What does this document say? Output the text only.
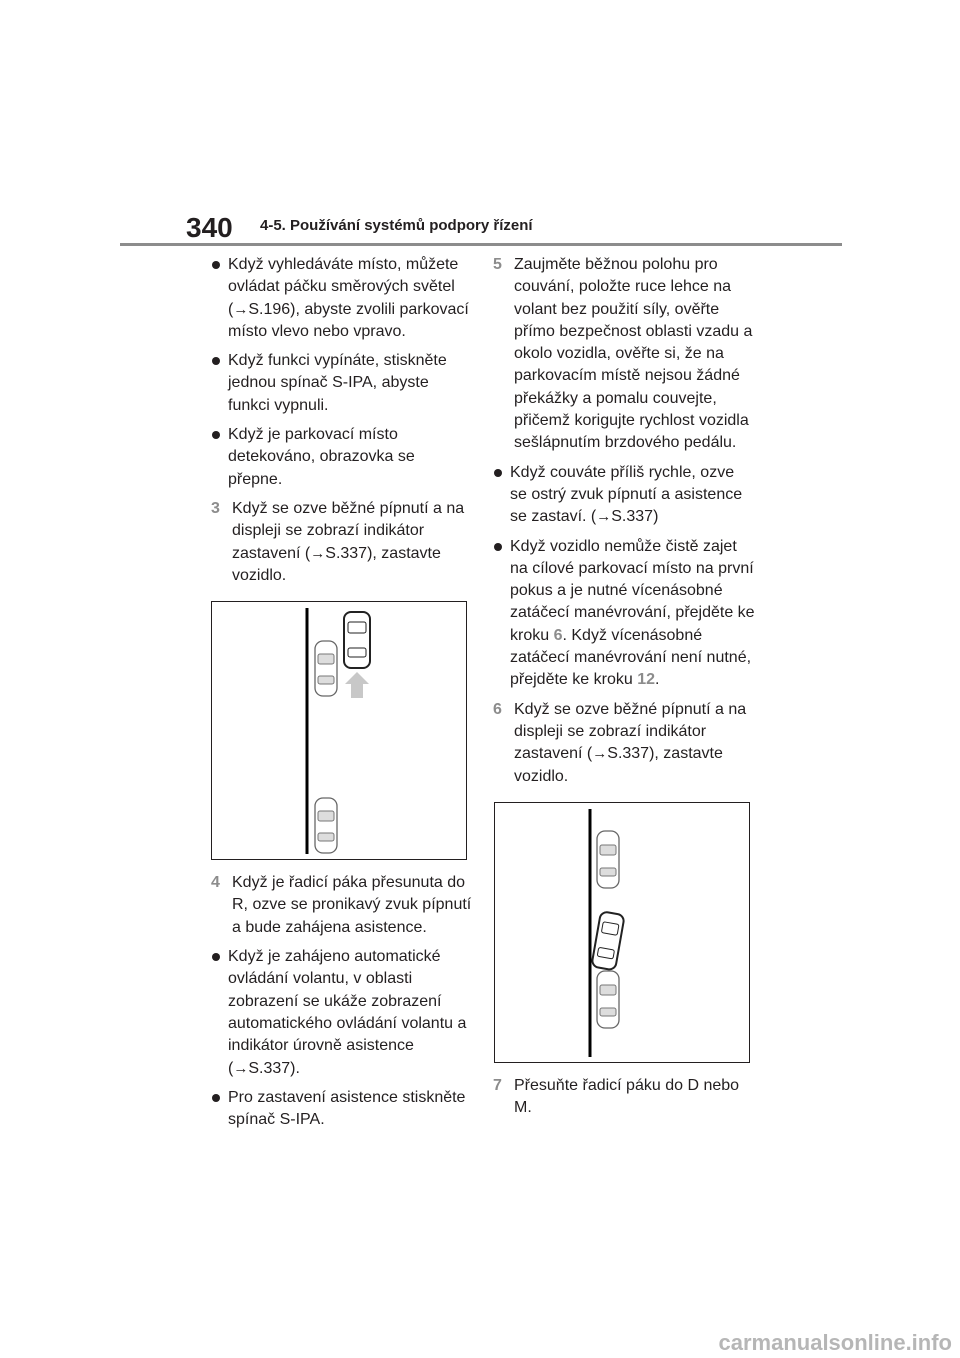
340 4-5. Používání systémů podpory řízení
Když vyhledáváte místo, můžete ovládat páčku směrových světel (→S.196), abyste zvolili parkovací místo vlevo nebo vpravo.
Když funkci vypínáte, stiskněte jednou spínač S-IPA, abyste funkci vypnuli.
Když je parkovací místo detekováno, obrazovka se přepne.
3 Když se ozve běžné pípnutí a na displeji se zobrazí indikátor zastavení (→S.337), zastavte vozidlo.
4 Když je řadicí páka přesunuta do R, ozve se pronikavý zvuk pípnutí a bude zahájena asistence.
Když je zahájeno automatické ovládání volantu, v oblasti zobrazení se ukáže zobrazení automatického ovládání volantu a indikátor úrovně asistence (→S.337).
Pro zastavení asistence stiskněte spínač S-IPA.
5 Zaujměte běžnou polohu pro couvání, položte ruce lehce na volant bez použití síly, ověřte přímo bezpečnost oblasti vzadu a okolo vozidla, ověřte si, že na parkovacím místě nejsou žádné překážky a pomalu couvejte, přičemž korigujte rychlost vozidla sešlápnutím brzdového pedálu.
Když couváte příliš rychle, ozve se ostrý zvuk pípnutí a asistence se zastaví. (→S.337)
Když vozidlo nemůže čistě zajet na cílové parkovací místo na první pokus a je nutné vícenásobné zatáčecí manévrování, přejděte ke kroku 6. Když vícenásobné zatáčecí manévrování není nutné, přejděte ke kroku 12.
6 Když se ozve běžné pípnutí a na displeji se zobrazí indikátor zastavení (→S.337), zastavte vozidlo.
7 Přesuňte řadicí páku do D nebo M.
carmanualsonline.info
